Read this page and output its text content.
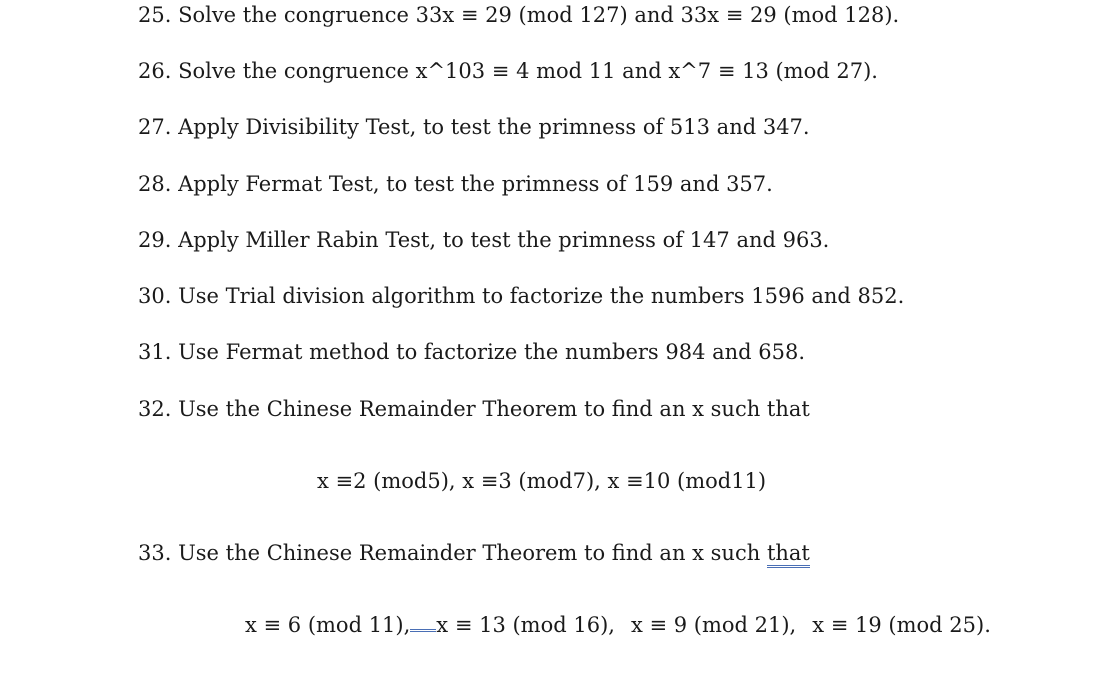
25. Solve the congruence 33x ≡ 29 (mod 127) and 33x ≡ 29 (mod 128).
26. Solve the congruence x^103 ≡ 4 mod 11 and x^7 ≡ 13 (mod 27).
27. Apply Divisibility Test, to test the primness of 513 and 347.
28. Apply Fermat Test, to test the primness of 159 and 357.
29. Apply Miller Rabin Test, to test the primness of 147 and 963.
30. Use Trial division algorithm to factorize the numbers 1596 and 852.
31. Use Fermat method to factorize the numbers 984 and 658.
32. Use the Chinese Remainder Theorem to find an x such that
x ≡2 (mod5), x ≡3 (mod7), x ≡10 (mod11)
33. Use the Chinese Remainder Theorem to find an x such that
x ≡ 6 (mod 11), x ≡ 13 (mod 16), x ≡ 9 (mod 21), x ≡ 19 (mod 25).
